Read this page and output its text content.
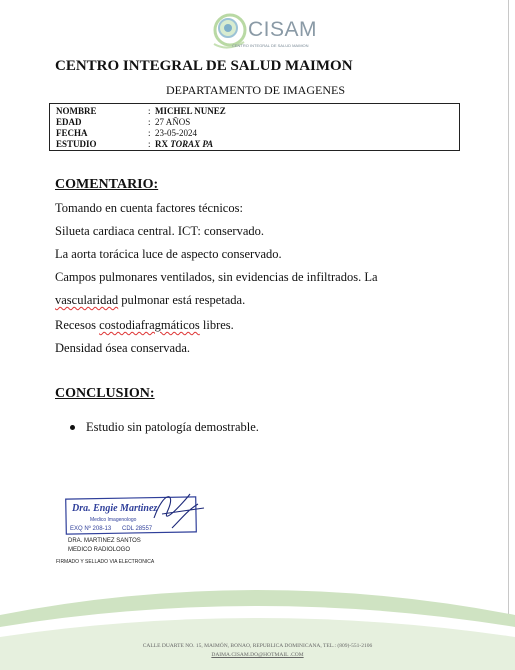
CISAM
CENTRO INTEGRAL DE SALUD MAIMON
CENTRO INTEGRAL DE SALUD MAIMON
DEPARTAMENTO DE IMAGENES
NOMBRE	: MICHEL NUNEZ
EDAD	: 27 AÑOS
FECHA	: 23-05-2024
ESTUDIO	: RX TORAX PA
COMENTARIO:
Tomando en cuenta factores técnicos:
Silueta cardiaca central. ICT: conservado.
La aorta torácica luce de aspecto conservado.
Campos pulmonares ventilados, sin evidencias de infiltrados. La
vascularidad pulmonar está respetada.
Recesos costodiafragmáticos libres.
Densidad ósea conservada.
CONCLUSION:
Estudio sin patología demostrable.
Dra. Engie Martinez
Medico Imagenologo
EXQ Nº 208-13 CDL 28557
DRA. MARTINEZ SANTOS
MEDICO RADIOLOGO
FIRMADO Y SELLADO VIA ELECTRONICA
CALLE DUARTE NO. 15, MAIMÓN, BONAO, REPUBLICA DOMINICANA, TEL.: (809)-551-2106
DAIMA.CISAM.DO@HOTMAIL .COM
